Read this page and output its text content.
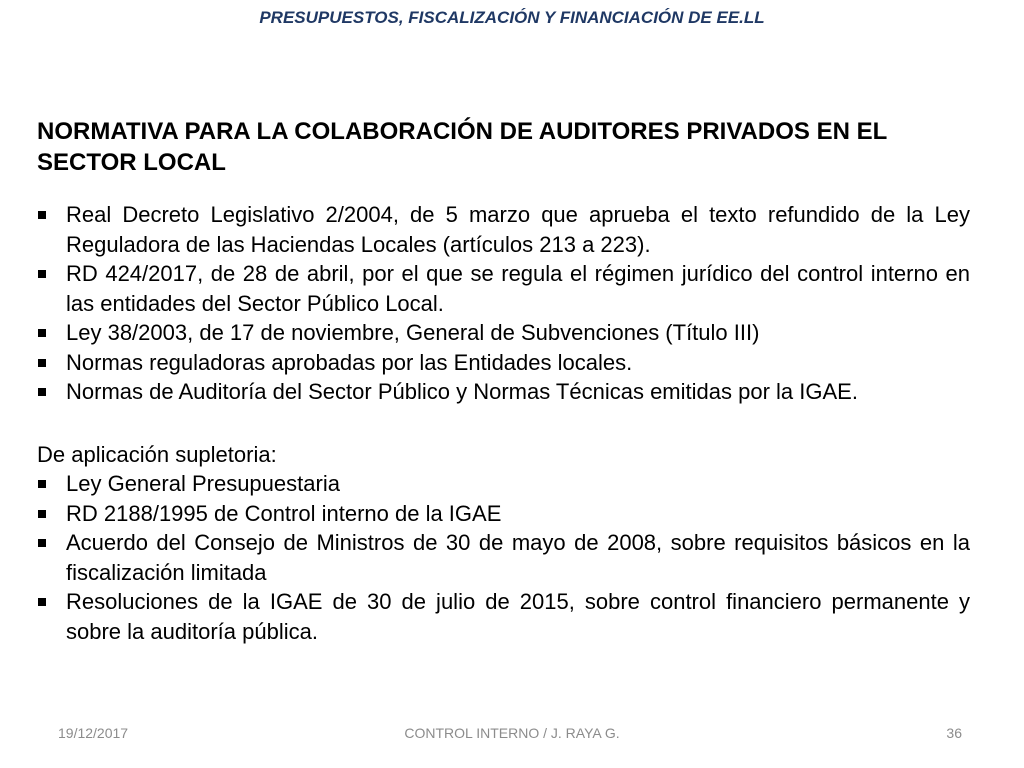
PRESUPUESTOS, FISCALIZACIÓN Y FINANCIACIÓN DE EE.LL
NORMATIVA PARA LA COLABORACIÓN DE AUDITORES PRIVADOS EN EL SECTOR LOCAL
Real Decreto Legislativo 2/2004, de 5 marzo que aprueba el texto refundido de la Ley Reguladora de las Haciendas Locales (artículos 213 a 223).
RD 424/2017, de 28 de abril, por el que se regula el régimen jurídico del control interno en las entidades del Sector Público Local.
Ley 38/2003, de 17 de noviembre, General de Subvenciones (Título III)
Normas reguladoras aprobadas por las Entidades locales.
Normas de Auditoría del Sector Público y Normas Técnicas emitidas por la IGAE.
De aplicación supletoria:
Ley General Presupuestaria
RD 2188/1995 de Control interno de la IGAE
Acuerdo del Consejo de Ministros de 30 de mayo de 2008, sobre requisitos básicos en la fiscalización limitada
Resoluciones de la IGAE de 30 de julio de 2015, sobre control financiero permanente y sobre la auditoría pública.
19/12/2017	CONTROL INTERNO / J. RAYA G.	36
